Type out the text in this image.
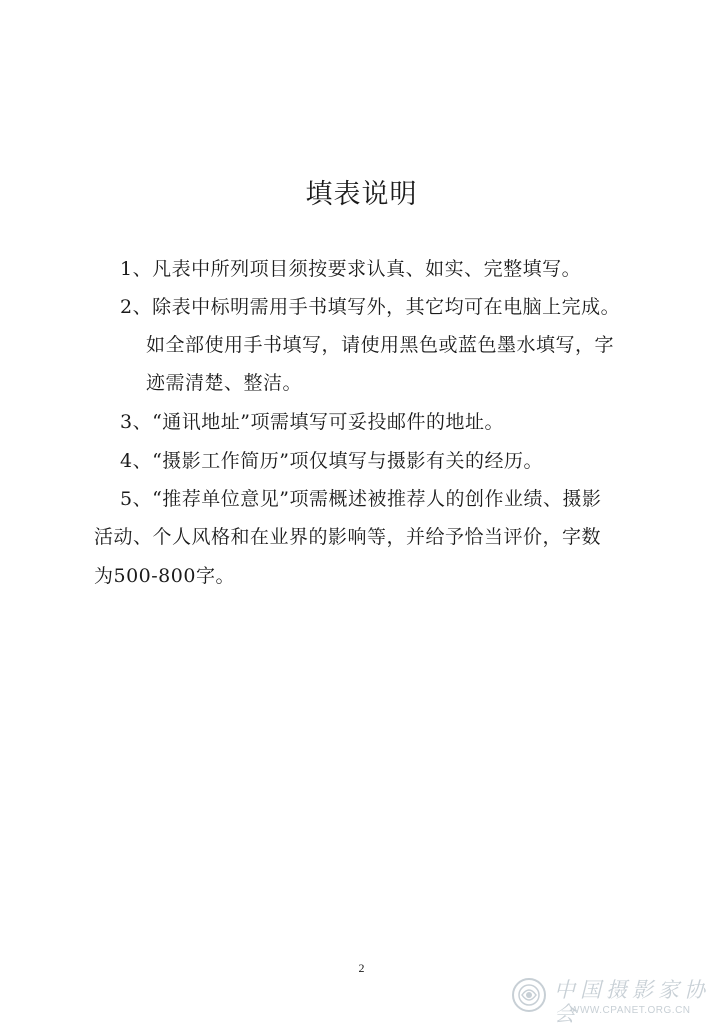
填表说明

1、凡表中所列项目须按要求认真、如实、完整填写。

2、除表中标明需用手书填写外，其它均可在电脑上完成。

如全部使用手书填写，请使用黑色或蓝色墨水填写，字

迹需清楚、整洁。

3、“通讯地址”项需填写可妥投邮件的地址。

4、“摄影工作简历”项仅填写与摄影有关的经历。

5、“推荐单位意见”项需概述被推荐人的创作业绩、摄影

活动、个人风格和在业界的影响等，并给予恰当评价，字数

为500-800字。

2
中国摄影家协会
WWW.CPANET.ORG.CN
